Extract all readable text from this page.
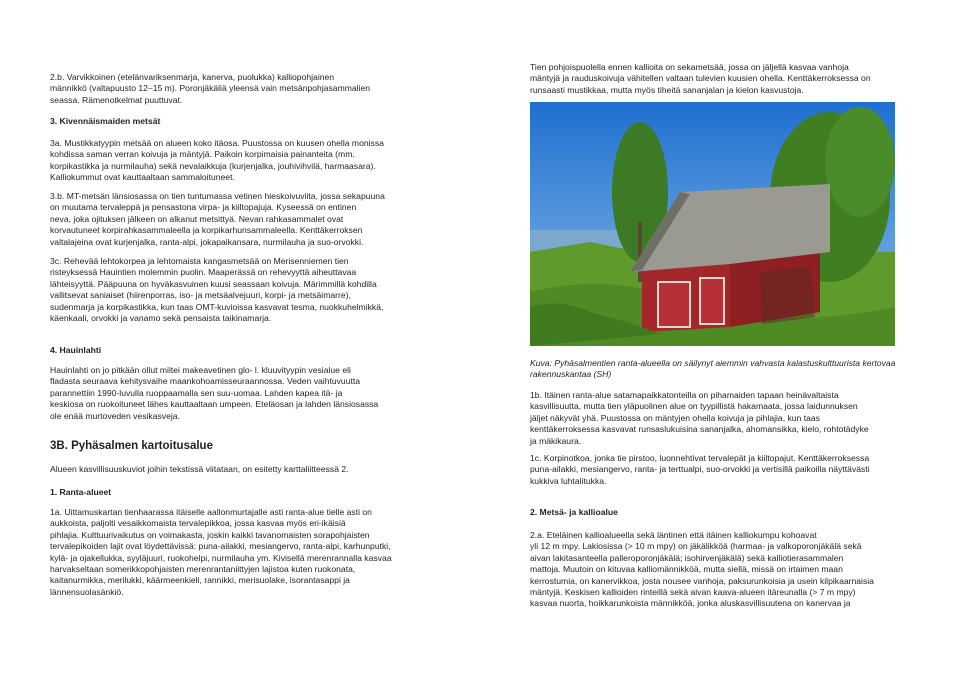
2.b. Varvikkoinen (etelänvariksenmarja, kanerva, puolukka) kalliopohjainen
männikkö (valtapuusto 12–15 m). Poronjäkäliä yleensä vain metsänpohjasammalien
seassa. Rämenotkelmat puuttuvat.

3. Kivennäismaiden metsät

3a. Mustikkatyypin metsää on alueen koko itäosa. Puustossa on kuusen ohella monissa
kohdissa saman verran koivuja ja mäntyjä. Paikoin korpimaisia painanteita (mm.
korpikastikka ja nurmilauha) sekä nevalaikkuja (kurjenjalka, jouhivihvilä, harmaasara).
Kalliokummut ovat kauttaaltaan sammaloituneet.

3.b. MT-metsän länsiosassa on tien tuntumassa vetinen hieskoivuviita, jossa sekapuuna
on muutama tervaleppä ja pensastona virpa- ja kiiltopajuja. Kyseessä on entinen
neva, joka ojituksen jälkeen on alkanut metsittyä. Nevan rahkasammalet ovat
korvautuneet korpirahkasammaleella ja korpikarhunsammaleella. Kenttäkerroksen
valtalajeina ovat kurjenjalka, ranta-alpi, jokapaikansara, nurmilauha ja suo-orvokki.

3c. Rehevää lehtokorpea ja lehtomaista kangasmetsää on Merisenniemen tien
risteyksessä Hauintien molemmin puolin. Maaperässä on rehevyyttä aiheuttavaa
lähteisyyttä. Pääpuuna on hyväkasvuinen kuusi seassaan koivuja. Märimmillä kohdilla
vallitsevat saniaiset (hiirenporras, iso- ja metsäalvejuuri, korpi- ja metsäimarre),
sudenmarja ja korpikastikka, kun taas OMT-kuvioissa kasvavat tesma, nuokkuhelmikkä,
käenkaali, orvokki ja vanamo sekä pensaista taikinamarja.

4. Hauinlahti

Hauinlahti on jo pitkään ollut miltei makeavetinen glo- l. kluuvityypin vesialue eli
fladasta seuraava kehitysvaihe maankohoamisseuraannossa. Veden vaihtuvuutta
parannettiin 1990-luvulla ruoppaamalla sen suu-uomaa. Lahden kapea itä- ja
keskiosa on ruokoituneet lähes kauttaaltaan umpeen. Eteläosan ja lahden länsiosassa
ole enää murtoveden vesikasveja.

3B. Pyhäsalmen kartoitusalue

Alueen kasvillisuuskuviot joihin tekstissä viitataan, on esitetty karttaliitteessä 2.

1. Ranta-alueet

1a. Uittamuskartan tienhaarassa itäiselle aallonmurtajalle asti ranta-alue tielle asti on
aukkoista, paljolti vesaikkomaista tervalepikkoa, jossa kasvaa myös eri-ikäisiä
pihlajia. Kulttuurivaikutus on voimakasta, joskin kaikki tavanomaisten sorapohjaisten
tervalepikoiden lajit ovat löydettävissä: puna-ailakki, mesiangervo, ranta-alpi, karhunputki,
kylä- ja ojakellukka, syyläjuuri, ruokohelpi, nurmilauha ym. Kivisellä merenrannalla kasvaa
harvakseltaan somerikkopohjaisten merenrantaniittyjen lajistoa kuten ruokonata,
kaitanurmikka, merilukki, käärmeenkieli, rannikki, merisuolake, isorantasappi ja
lännensuolasänkiö.

Tien pohjoispuolella ennen kallioita on sekametsää, jossa on jäljellä kasvaa vanhoja
mäntyjä ja rauduskoivuja vähitellen valtaan tulevien kuusien ohella. Kenttäkerroksessa on
runsaasti mustikkaa, mutta myös tiheitä sananjalan ja kielon kasvustoja.

Kuva: Pyhäsalmentien ranta-alueella on säilynyt aiemmin vahvasta kalastuskulttuurista kertovaa
rakennuskantaa (SH)

1b. Itäinen ranta-alue satamapaikkatonteilla on pihamaiden tapaan heinävaltaista
kasvillisuutta, mutta tien yläpuolinen alue on tyypillistä hakamaata, jossa laidunnuksen
jäljet näkyvät yhä. Puustossa on mäntyjen ohella koivuja ja pihlajia, kun taas
kenttäkerroksessa kasvavat runsaslukuisina sananjalka, ahomansikka, kielo, rohtotädyke
ja mäkikaura.

1c. Korpinotkoa, jonka tie pirstoo, luonnehtivat tervalepät ja kiiltopajut. Kenttäkerroksessa
puna-ailakki, mesiangervo, ranta- ja terttualpi, suo-orvokki ja vertisillä paikoilla näyttävästi
kukkiva luhtalitukka.

2. Metsä- ja kallioalue

2.a. Eteläinen kallioalueella sekä läntinen että itäinen kalliokumpu kohoavat
yli 12 m mpy. Lakiosissa (> 10 m mpy) on jäkälikköä (harmaa- ja valkoporonjäkälä sekä
aivan lakitasanteella palleroporonjäkälä; isohirvenjäkälä) sekä kalliotierasammalen
mattoja. Muutoin on kituvaa kalliomännikköä, mutta siellä, missä on irtaimen maan
kerrostumia, on kanervikkoa, josta nousee vanhoja, paksurunkoisia ja usein kilpikaarnaisia
mäntyjä. Keskisen kallioiden rinteillä sekä aivan kaava-alueen itäreunalla (> 7 m mpy)
kasvaa nuorta, hoikkarunkoista männikköä, jonka aluskasvillisuutena on kanervaa ja
